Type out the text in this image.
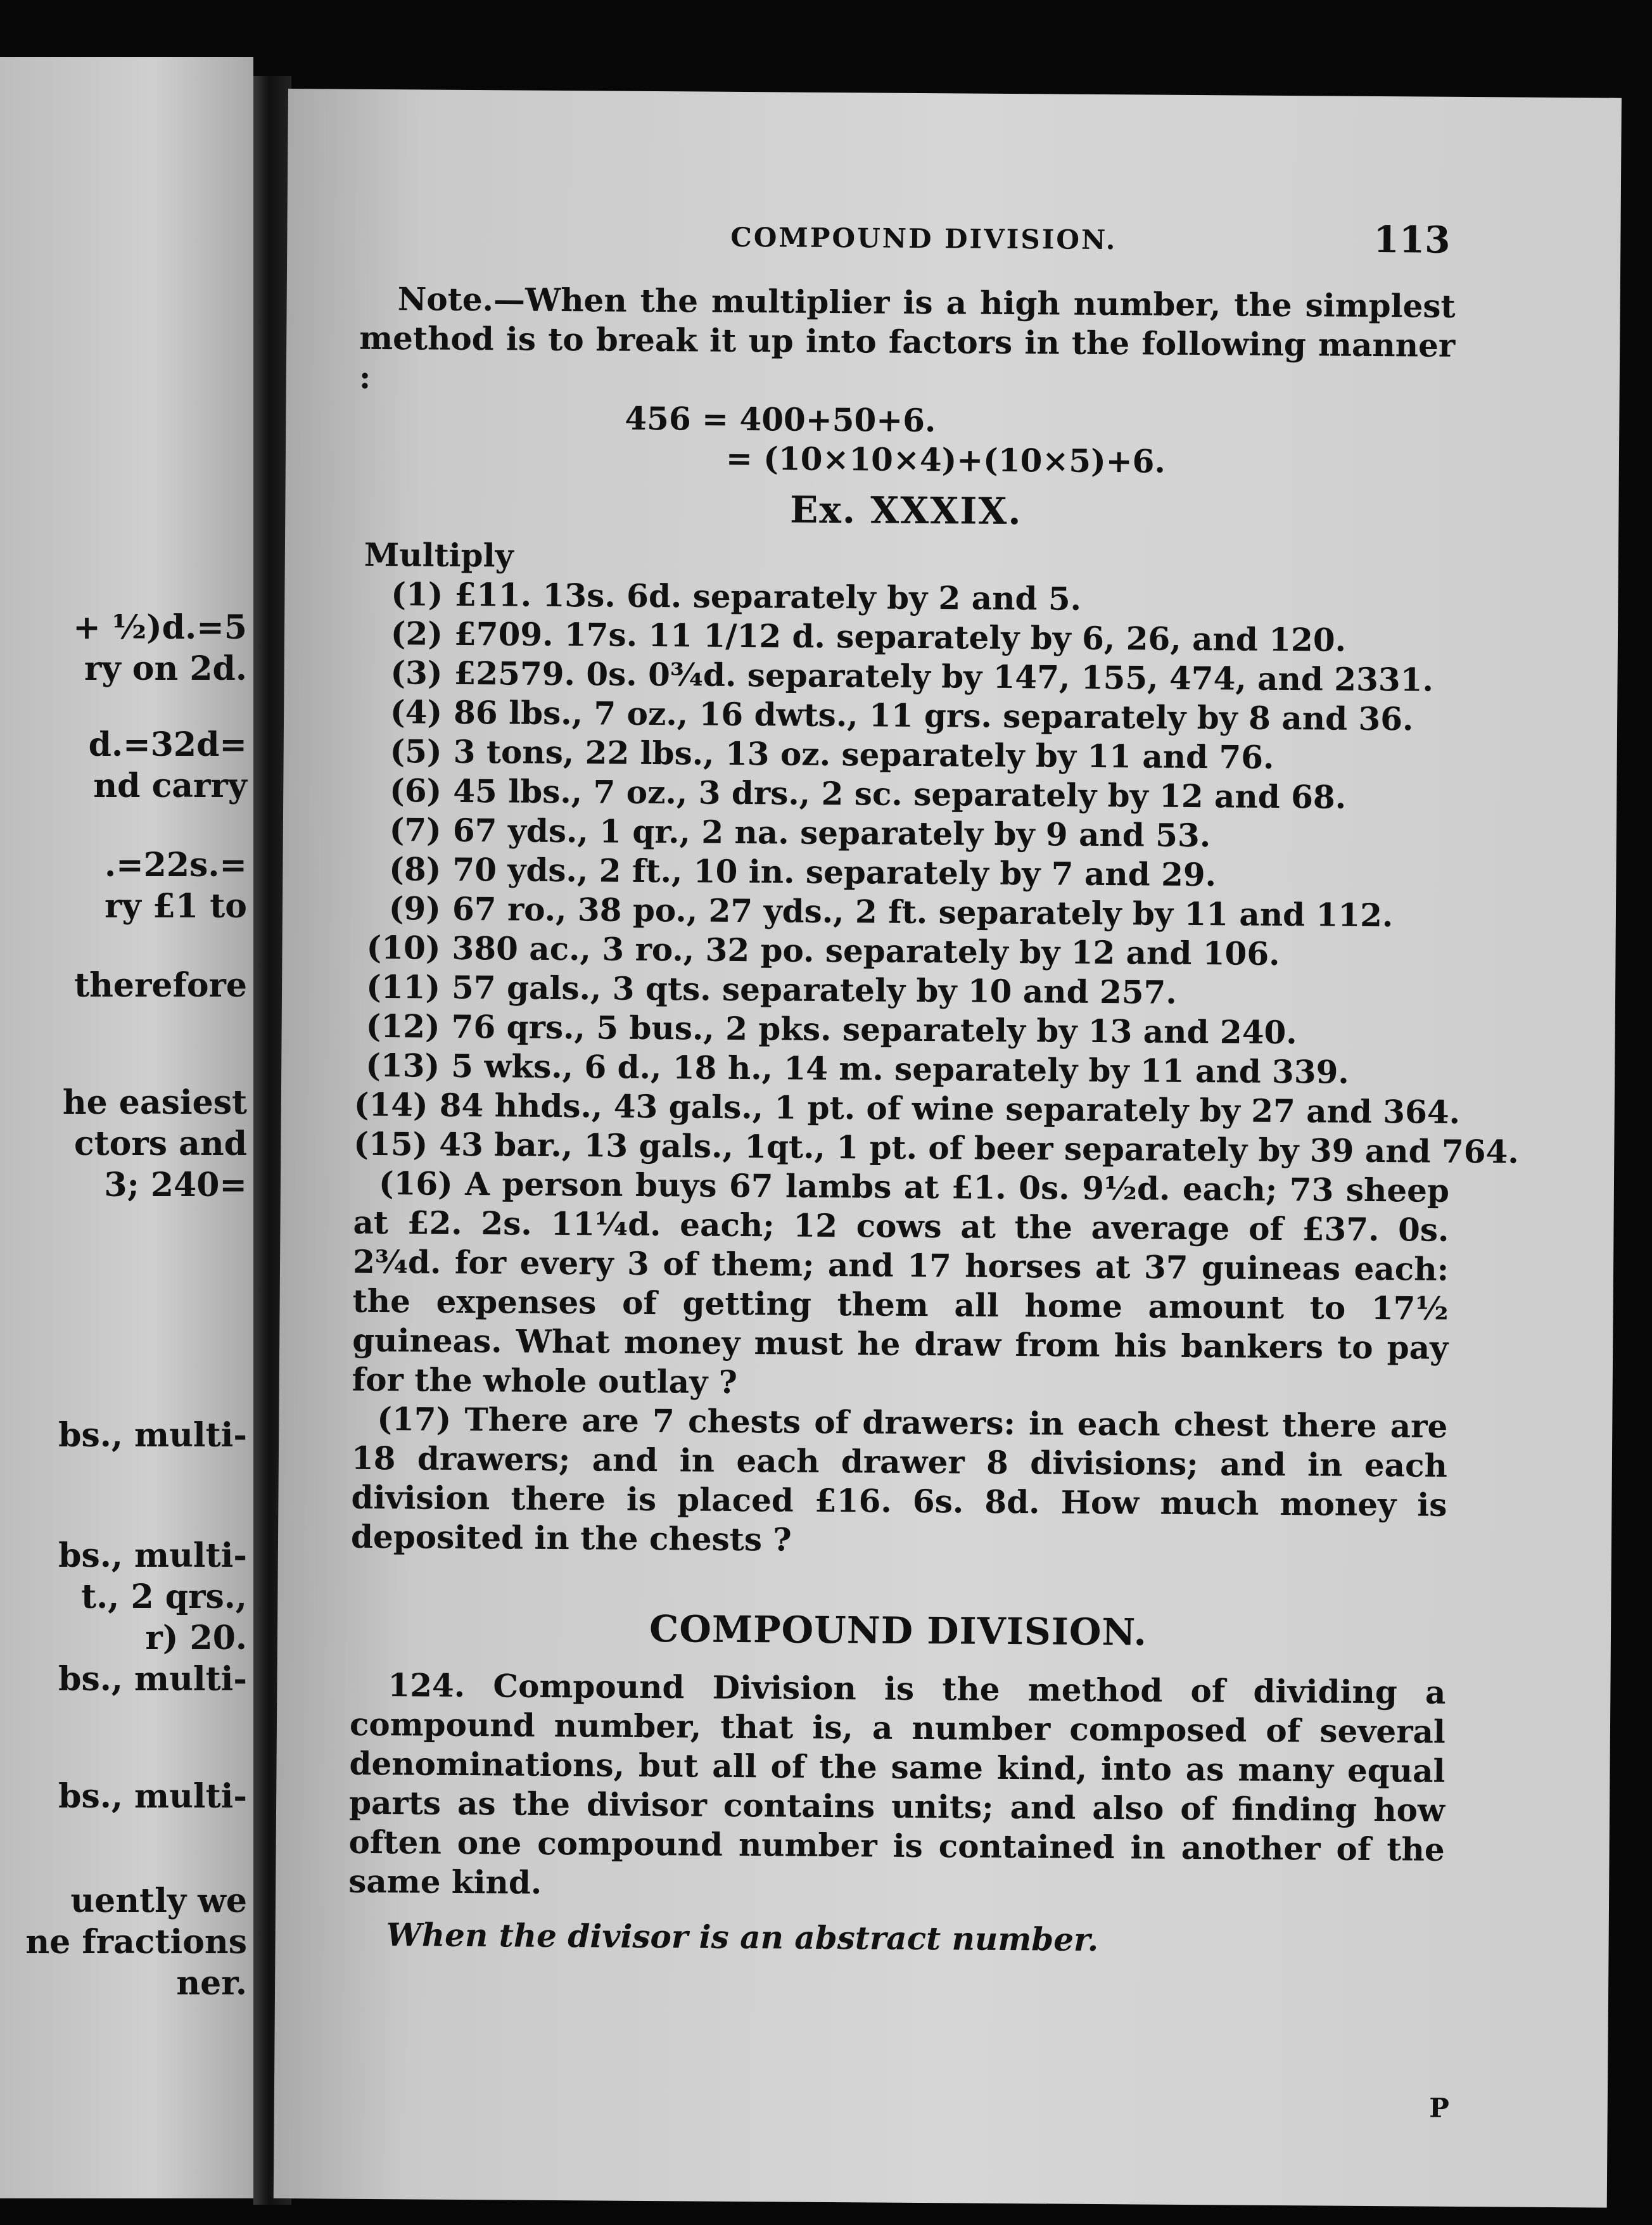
+ ½)d.=5
ry on 2d.
d.=32d=
nd carry
.=22s.=
ry £1 to
therefore
he easiest
ctors and
3; 240=
bs., multi-
bs., multi-
t., 2 qrs.,
r) 20.
bs., multi-
bs., multi-
uently we
ne fractions
ner.
COMPOUND DIVISION.	113

Note.—When the multiplier is a high number, the simplest method is to break it up into factors in the following manner :

456 = 400+50+6.

= (10×10×4)+(10×5)+6.

Ex. XXXIX.

Multiply

(1) £11. 13s. 6d. separately by 2 and 5.
(2) £709. 17s. 11 1/12 d. separately by 6, 26, and 120.
(3) £2579. 0s. 0¾d. separately by 147, 155, 474, and 2331.
(4) 86 lbs., 7 oz., 16 dwts., 11 grs. separately by 8 and 36.
(5) 3 tons, 22 lbs., 13 oz. separately by 11 and 76.
(6) 45 lbs., 7 oz., 3 drs., 2 sc. separately by 12 and 68.
(7) 67 yds., 1 qr., 2 na. separately by 9 and 53.
(8) 70 yds., 2 ft., 10 in. separately by 7 and 29.
(9) 67 ro., 38 po., 27 yds., 2 ft. separately by 11 and 112.
(10) 380 ac., 3 ro., 32 po. separately by 12 and 106.
(11) 57 gals., 3 qts. separately by 10 and 257.
(12) 76 qrs., 5 bus., 2 pks. separately by 13 and 240.
(13) 5 wks., 6 d., 18 h., 14 m. separately by 11 and 339.
(14) 84 hhds., 43 gals., 1 pt. of wine separately by 27 and 364.
(15) 43 bar., 13 gals., 1qt., 1 pt. of beer separately by 39 and 764.

(16) A person buys 67 lambs at £1. 0s. 9½d. each; 73 sheep at £2. 2s. 11¼d. each; 12 cows at the average of £37. 0s. 2¾d. for every 3 of them; and 17 horses at 37 guineas each: the expenses of getting them all home amount to 17½ guineas. What money must he draw from his bankers to pay for the whole outlay ?

(17) There are 7 chests of drawers: in each chest there are 18 drawers; and in each drawer 8 divisions; and in each division there is placed £16. 6s. 8d. How much money is deposited in the chests ?

COMPOUND DIVISION.

124. Compound Division is the method of dividing a compound number, that is, a number composed of several denominations, but all of the same kind, into as many equal parts as the divisor contains units; and also of finding how often one compound number is contained in another of the same kind.

When the divisor is an abstract number.

P
